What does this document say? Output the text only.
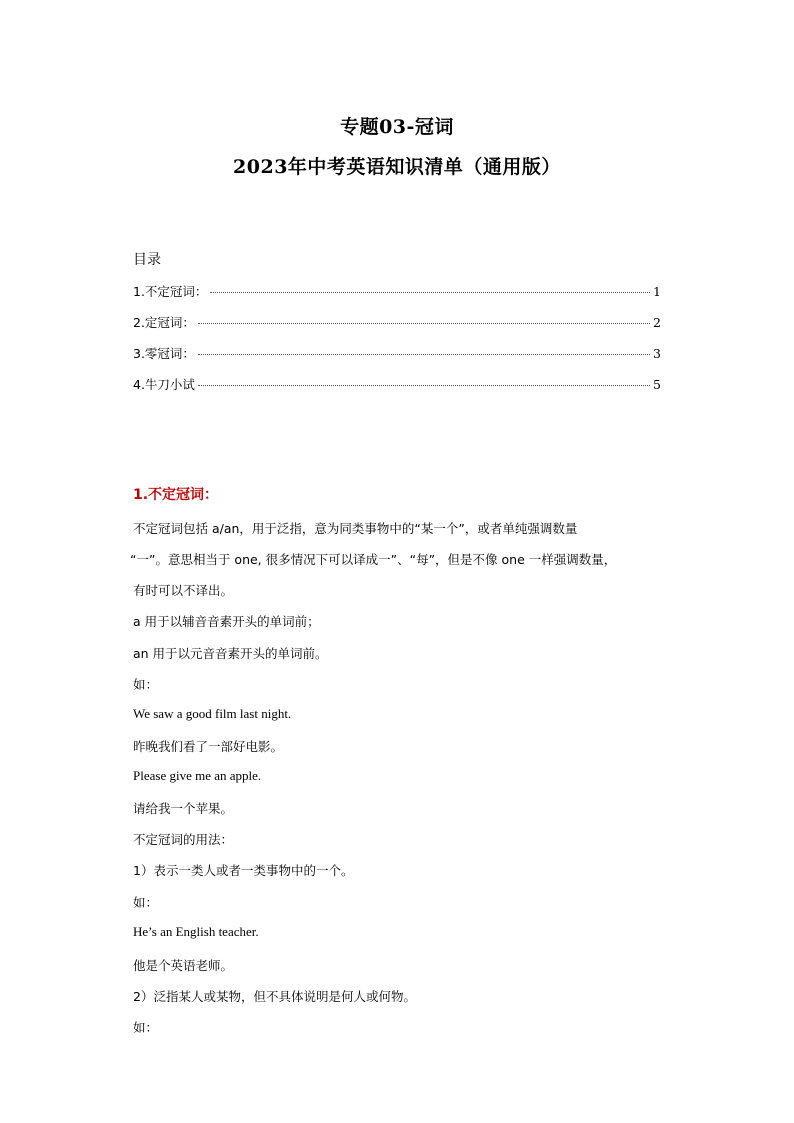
专题03-冠词
2023年中考英语知识清单（通用版）
目录
1.不定冠词：	1
2.定冠词：	2
3.零冠词：	3
4.牛刀小试	5
1.不定冠词：
不定冠词包括 a/an，用于泛指，意为同类事物中的“某一个”，或者单纯强调数量
“一”。意思相当于 one, 很多情况下可以译成一”、“每”，但是不像 one 一样强调数量，
有时可以不译出。
a 用于以辅音音素开头的单词前；
an 用于以元音音素开头的单词前。
如：
We saw a good film last night.
昨晚我们看了一部好电影。
Please give me an apple.
请给我一个苹果。
不定冠词的用法：
1）表示一类人或者一类事物中的一个。
如：
He’s an English teacher.
他是个英语老师。
2）泛指某人或某物，但不具体说明是何人或何物。
如：
